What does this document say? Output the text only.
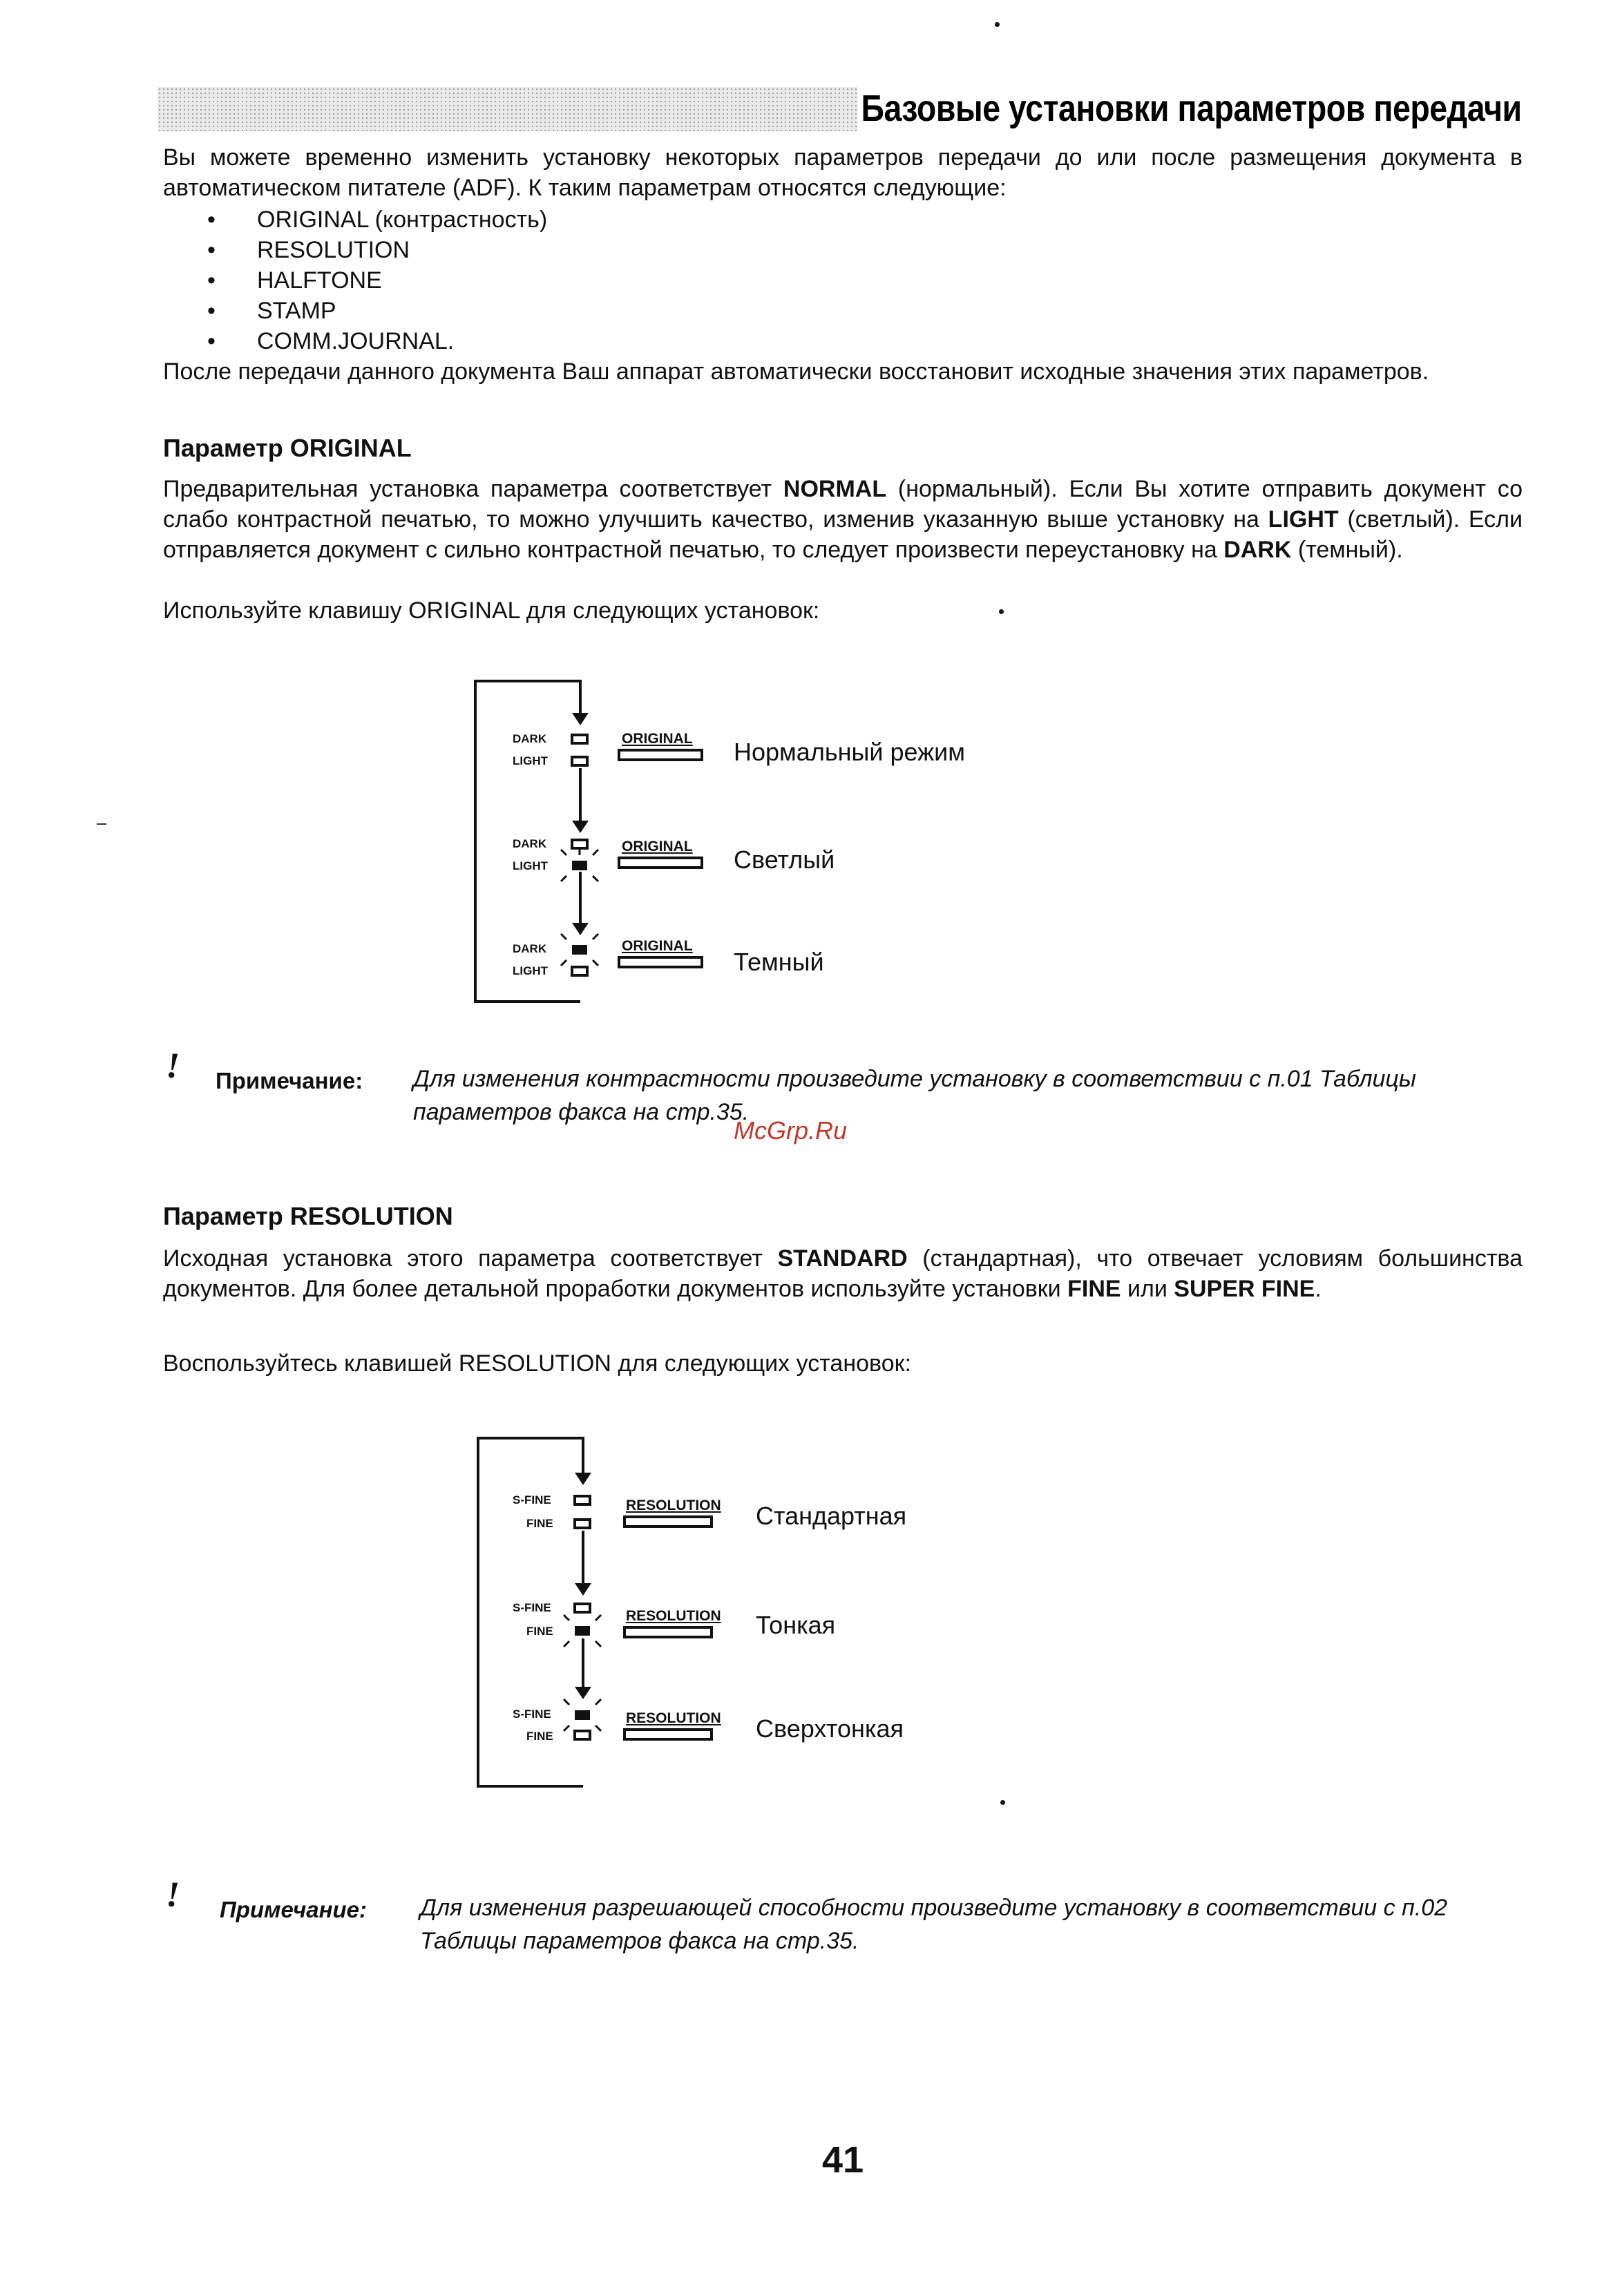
Базовые установки параметров передачи
Вы можете временно изменить установку некоторых параметров передачи до или после размещения документа в автоматическом питателе (ADF). К таким параметрам относятся следующие:
• ORIGINAL (контрастность)
• RESOLUTION
• HALFTONE
• STAMP
• COMM.JOURNAL.
После передачи данного документа Ваш аппарат автоматически восстановит исходные значения этих параметров.
Параметр ORIGINAL
Предварительная установка параметра соответствует NORMAL (нормальный). Если Вы хотите отправить документ со слабо контрастной печатью, то можно улучшить качество, изменив указанную выше установку на LIGHT (светлый). Если отправляется документ с сильно контрастной печатью, то следует произвести переустановку на DARK (темный).
Используйте клавишу ORIGINAL для следующих установок:
DARK
LIGHT
DARK
LIGHT
DARK
LIGHT
ORIGINAL
ORIGINAL
ORIGINAL
Нормальный режим
Светлый
Темный
! Примечание: Для изменения контрастности произведите установку в соответствии с п.01 Таблицы параметров факса на стр.35.
McGrp.Ru
Параметр RESOLUTION
Исходная установка этого параметра соответствует STANDARD (стандартная), что отвечает условиям большинства документов. Для более детальной проработки документов используйте установки FINE или SUPER FINE.
Воспользуйтесь клавишей RESOLUTION для следующих установок:
S-FINE
FINE
S-FINE
FINE
S-FINE
FINE
RESOLUTION
RESOLUTION
RESOLUTION
Стандартная
Тонкая
Сверхтонкая
! Примечание: Для изменения разрешающей способности произведите установку в соответствии с п.02 Таблицы параметров факса на стр.35.
41
